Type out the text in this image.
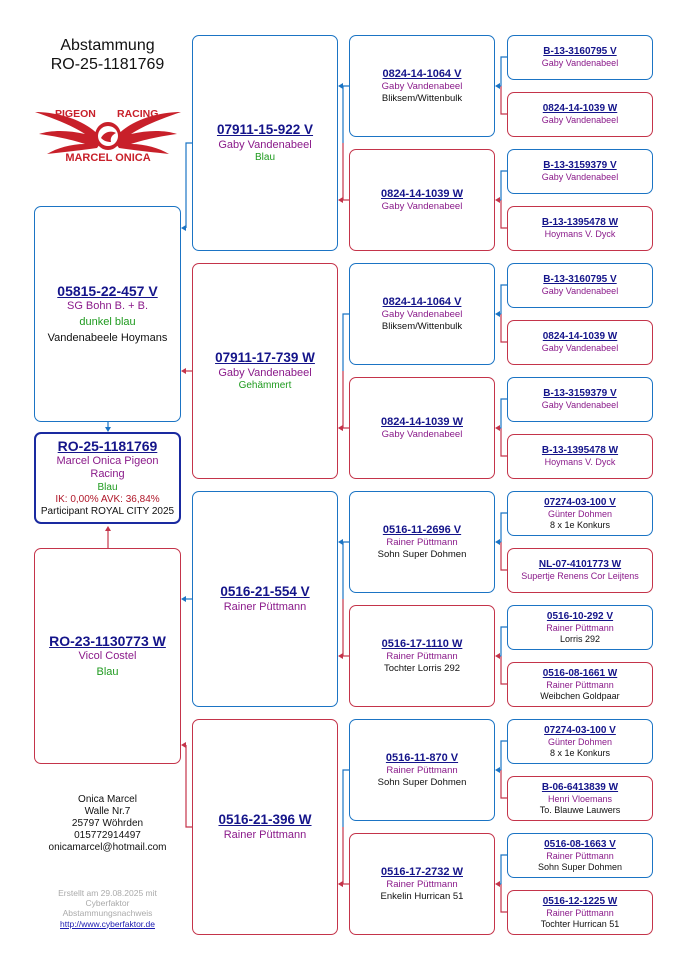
Abstammung
RO-25-1181769
PIGEON RACING
MARCEL ONICA
05815-22-457 V
SG Bohn B. + B.
dunkel blau
Vandenabeele Hoymans
RO-25-1181769
Marcel Onica Pigeon Racing
Blau
IK: 0,00% AVK: 36,84%
Participant ROYAL CITY 2025
RO-23-1130773 W
Vicol Costel
Blau
07911-15-922 V
Gaby Vandenabeel
Blau
07911-17-739 W
Gaby Vandenabeel
Gehämmert
0516-21-554 V
Rainer Püttmann
0516-21-396 W
Rainer Püttmann
0824-14-1064 V
Gaby Vandenabeel
Bliksem/Wittenbulk
0824-14-1039 W
Gaby Vandenabeel
0824-14-1064 V
Gaby Vandenabeel
Bliksem/Wittenbulk
0824-14-1039 W
Gaby Vandenabeel
0516-11-2696 V
Rainer Püttmann
Sohn Super Dohmen
0516-17-1110 W
Rainer Püttmann
Tochter Lorris 292
0516-11-870 V
Rainer Püttmann
Sohn Super Dohmen
0516-17-2732 W
Rainer Püttmann
Enkelin Hurrican 51
B-13-3160795 V
Gaby Vandenabeel
0824-14-1039 W
Gaby Vandenabeel
B-13-3159379 V
Gaby Vandenabeel
B-13-1395478 W
Hoymans V. Dyck
B-13-3160795 V
Gaby Vandenabeel
0824-14-1039 W
Gaby Vandenabeel
B-13-3159379 V
Gaby Vandenabeel
B-13-1395478 W
Hoymans V. Dyck
07274-03-100 V
Günter Dohmen
8 x 1e Konkurs
NL-07-4101773 W
Supertje Renens Cor Leijtens
0516-10-292 V
Rainer Püttmann
Lorris 292
0516-08-1661 W
Rainer Püttmann
Weibchen Goldpaar
07274-03-100 V
Günter Dohmen
8 x 1e Konkurs
B-06-6413839 W
Henri Vloemans
To. Blauwe Lauwers
0516-08-1663 V
Rainer Püttmann
Sohn Super Dohmen
0516-12-1225 W
Rainer Püttmann
Tochter Hurrican 51
Onica Marcel
Walle Nr.7
25797 Wöhrden
015772914497
onicamarcel@hotmail.com
Erstellt am 29.08.2025 mit
Cyberfaktor
Abstammungsnachweis
http://www.cyberfaktor.de
